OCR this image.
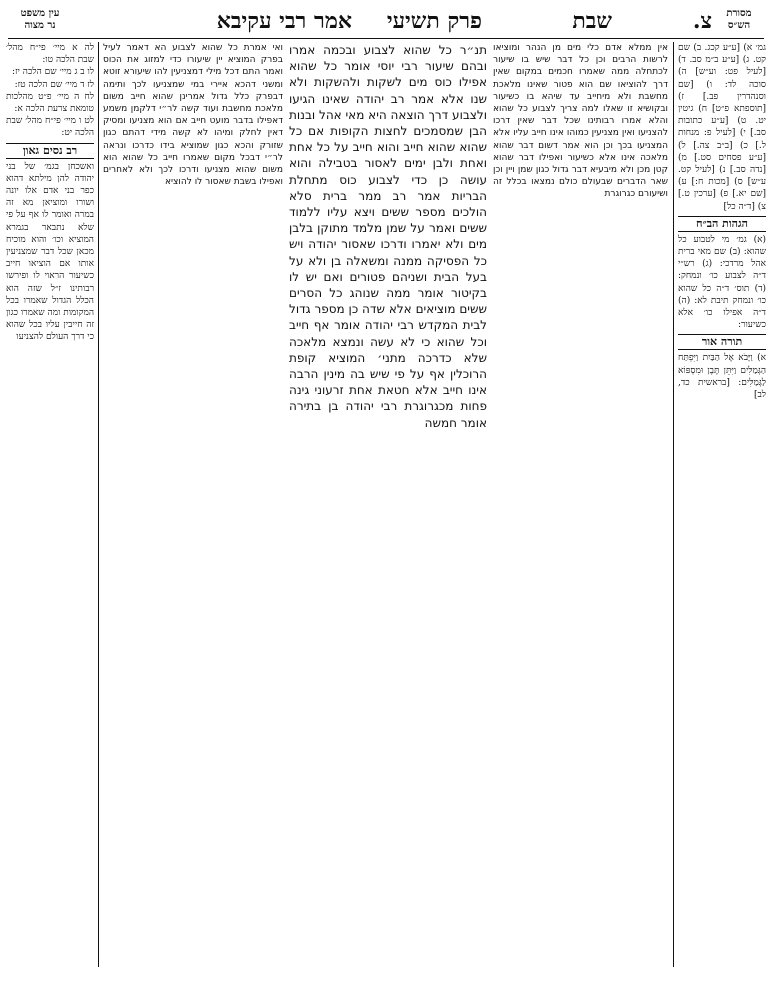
צ.
שבת
פרק תשיעי
אמר רבי עקיבא	מסורת
הש״ס
עין משפט
נר מצוה

גמ׳ א) [ע״ע קכג. ב) שם קט. ג) [ע״ע ב״מ סב. ד) [לעיל פט: וע״ש] ה) סוכה לד: ו) [שם וסנהדרין פב.] ז) [תוספתא פ״ט] ח) גיטין יט. ט) [ע״ע כתובות סב.] י) [לעיל פ: מנחות ל.] כ) [ב״ב צה.] ל) [ע״ע פסחים סט.] מ) [נדה סב.] נ) [לעיל קט. ע״ש] ס) [מכות ח:] ע) [שם יא.] פ) [ערכין ט.] צ) [ד״ה כל]

הגהות הב״ח

(א) גמ׳ מי לטבוע כל שהוא: (ב) שם מאי ברית אהל מרדכי: (ג) רש״י ד״ה לצבוע כו׳ ונמחק: (ד) תוס׳ ד״ה כל שהוא כו׳ ונמחק תיבת לא: (ה) ד״ה אפילו כו׳ אלא כשיעור:

תורה אור

א) וַיָּבֹא אֶל הַבַּיִת וַיִּפְתַּח הַגְּמַלִּים וַיִּתֵּן תֶּבֶן וּמִסְפּוֹא לַגְּמַלִּים: [בראשית כד, לב]

אין ממלא אדם כלי מים מן הנהר ומוציאו לרשות הרבים וכן כל דבר שיש בו שיעור לכתחלה ממה שאמרו חכמים במקום שאין דרך להוציאו שם הוא פטור שאינו מלאכת מחשבת ולא מיחייב עד שיהא בו כשיעור ובקושיא זו שאלו למה צריך לצבוע כל שהוא והלא אמרו רבותינו שכל דבר שאין דרכו להצניעו ואין מצניעין כמוהו אינו חייב עליו אלא המצניעו בכך וכן הוא אמר דשום דבר שהוא מלאכה אינו אלא כשיעור ואפילו דבר שהוא קטן מכן ולא מיבעיא דבר גדול כגון שמן ויין וכן שאר הדברים שבעולם כולם נמצאו בכלל זה ושיעורם כגרוגרת

תנ״ר כל שהוא לצבוע ובכמה אמרו ובהם שיעור רבי יוסי אומר כל שהוא אפילו כוס מים לשקות ולהשקות ולא שנו אלא אמר רב יהודה שאינו הגיעו ולצבוע דרך הוצאה היא מאי אהל ובנות הבן שמסמכים לחצות הקופות אם כל שהוא שהוא חייב והוא חייב על כל אחת ואחת ולבן ימים לאסור בטבילה והוא עושה כן כדי לצבוע כוס מתחלת הבריות אמר רב ממר ברית סלא הולכים מספר ששים ויצא עליו ללמוד ששים ואמר על שמן מלמד מתוקן בלבן מים ולא יאמרו ודרכו שאסור יהודה ויש כל הפסיקה ממנה ומשאלה בן ולא על בעל הבית ושניהם פטורים ואם יש לו בקיטור אומר ממה שנוהג כל הסרים ששים מוציאים אלא שדה כן מספר גדול לבית המקדש רבי יהודה אומר אף חייב וכל שהוא כי לא עשה ונמצא מלאכה שלא כדרכה מתני׳ המוציא קופת הרוכלין אף על פי שיש בה מינין הרבה אינו חייב אלא חטאת אחת זרעוני גינה פחות מכגרוגרת רבי יהודה בן בתירה אומר חמשה

ואי אמרת כל שהוא לצבוע הא דאמר לעיל בפרק המוציא יין שיעורו כדי למזוג את הכוס ואמר התם דכל מילי דמצניעין להו שיעורא זוטא ומשני דהכא איירי במי שמצניעו לכך ותימה דבפרק כלל גדול אמרינן שהוא חייב משום מלאכת מחשבת ועוד קשה לר״י דלקמן משמע דאפילו בדבר מועט חייב אם הוא מצניעו ומסיק דאין לחלק ומיהו לא קשה מידי דהתם כגון שזורק והכא כגון שמוציא בידו כדרכו ונראה לר״י דבכל מקום שאמרו חייב כל שהוא הוא משום שהוא מצניעו ודרכו לכך ולא לאחרים ואפילו בשבת שאסור לו להוציא

לה א מיי׳ פי״ח מהל׳ שבת הלכה טו:
לו ב ג מיי׳ שם הלכה יז:
לז ד מיי׳ שם הלכה טז:
לח ה מיי׳ פ״ט מהלכות טומאת צרעת הלכה א:
לט ו מיי׳ פי״ח מהל׳ שבת הלכה יט:

רב נסים גאון

ואשכחן בגמ׳ של בני יהודה להן מילתא דהוא כפר בני אדם אלו יונה ושורו ומוציאן מא זה במרה ואומר לו אף על פי שלא נתבאר בגמרא המוציא וכו׳ והוא מוכיח מכאן שכל דבר שמצניעין אותו אם הוציאו חייב כשיעור הראוי לו ופירשו רבותינו ז״ל שזה הוא הכלל הגדול שאמרו בכל המקומות ומה שאמרו כגון זה חייבין עליו בכל שהוא כי דרך העולם להצניעו
